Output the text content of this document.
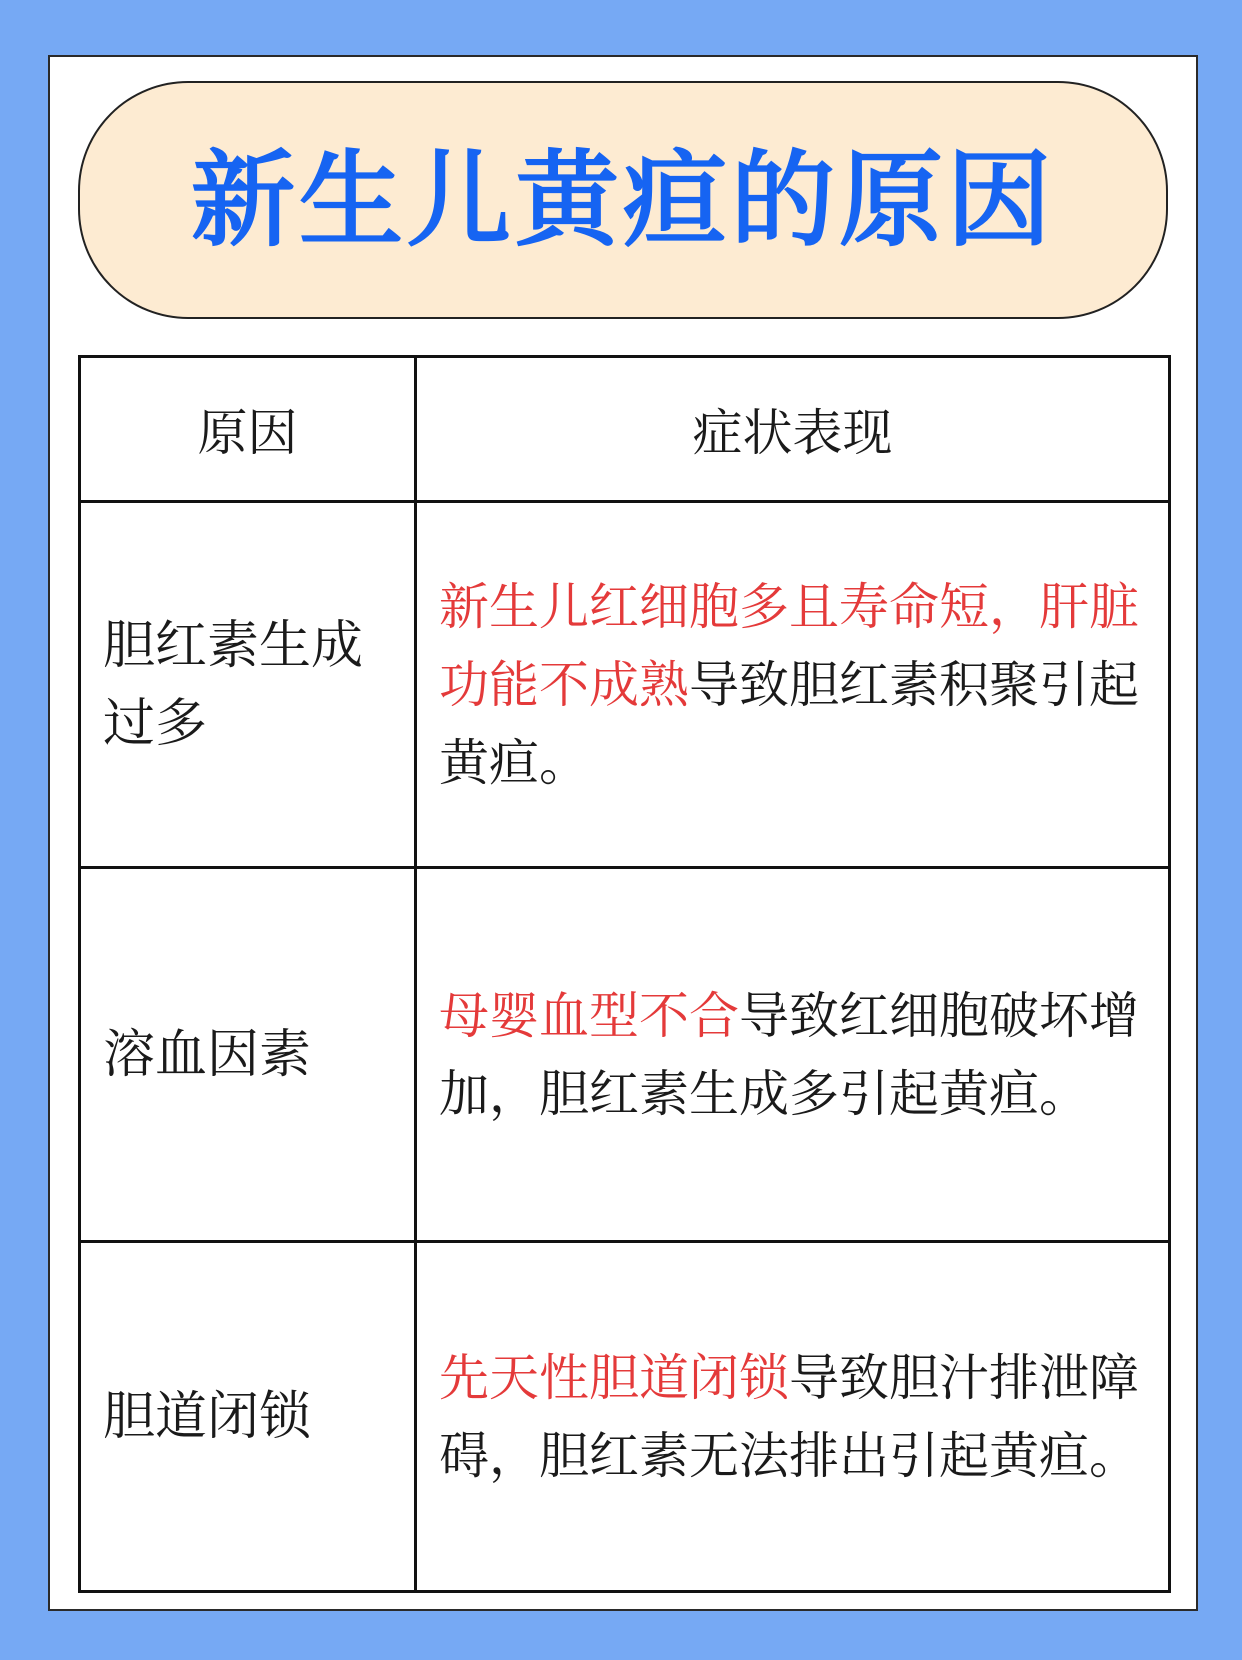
新生儿黄疸的原因
原因	症状表现
胆红素生成过多	新生儿红细胞多且寿命短，肝脏功能不成熟导致胆红素积聚引起黄疸。
溶血因素	母婴血型不合导致红细胞破坏增加，胆红素生成多引起黄疸。
胆道闭锁	先天性胆道闭锁导致胆汁排泄障碍，胆红素无法排出引起黄疸。
